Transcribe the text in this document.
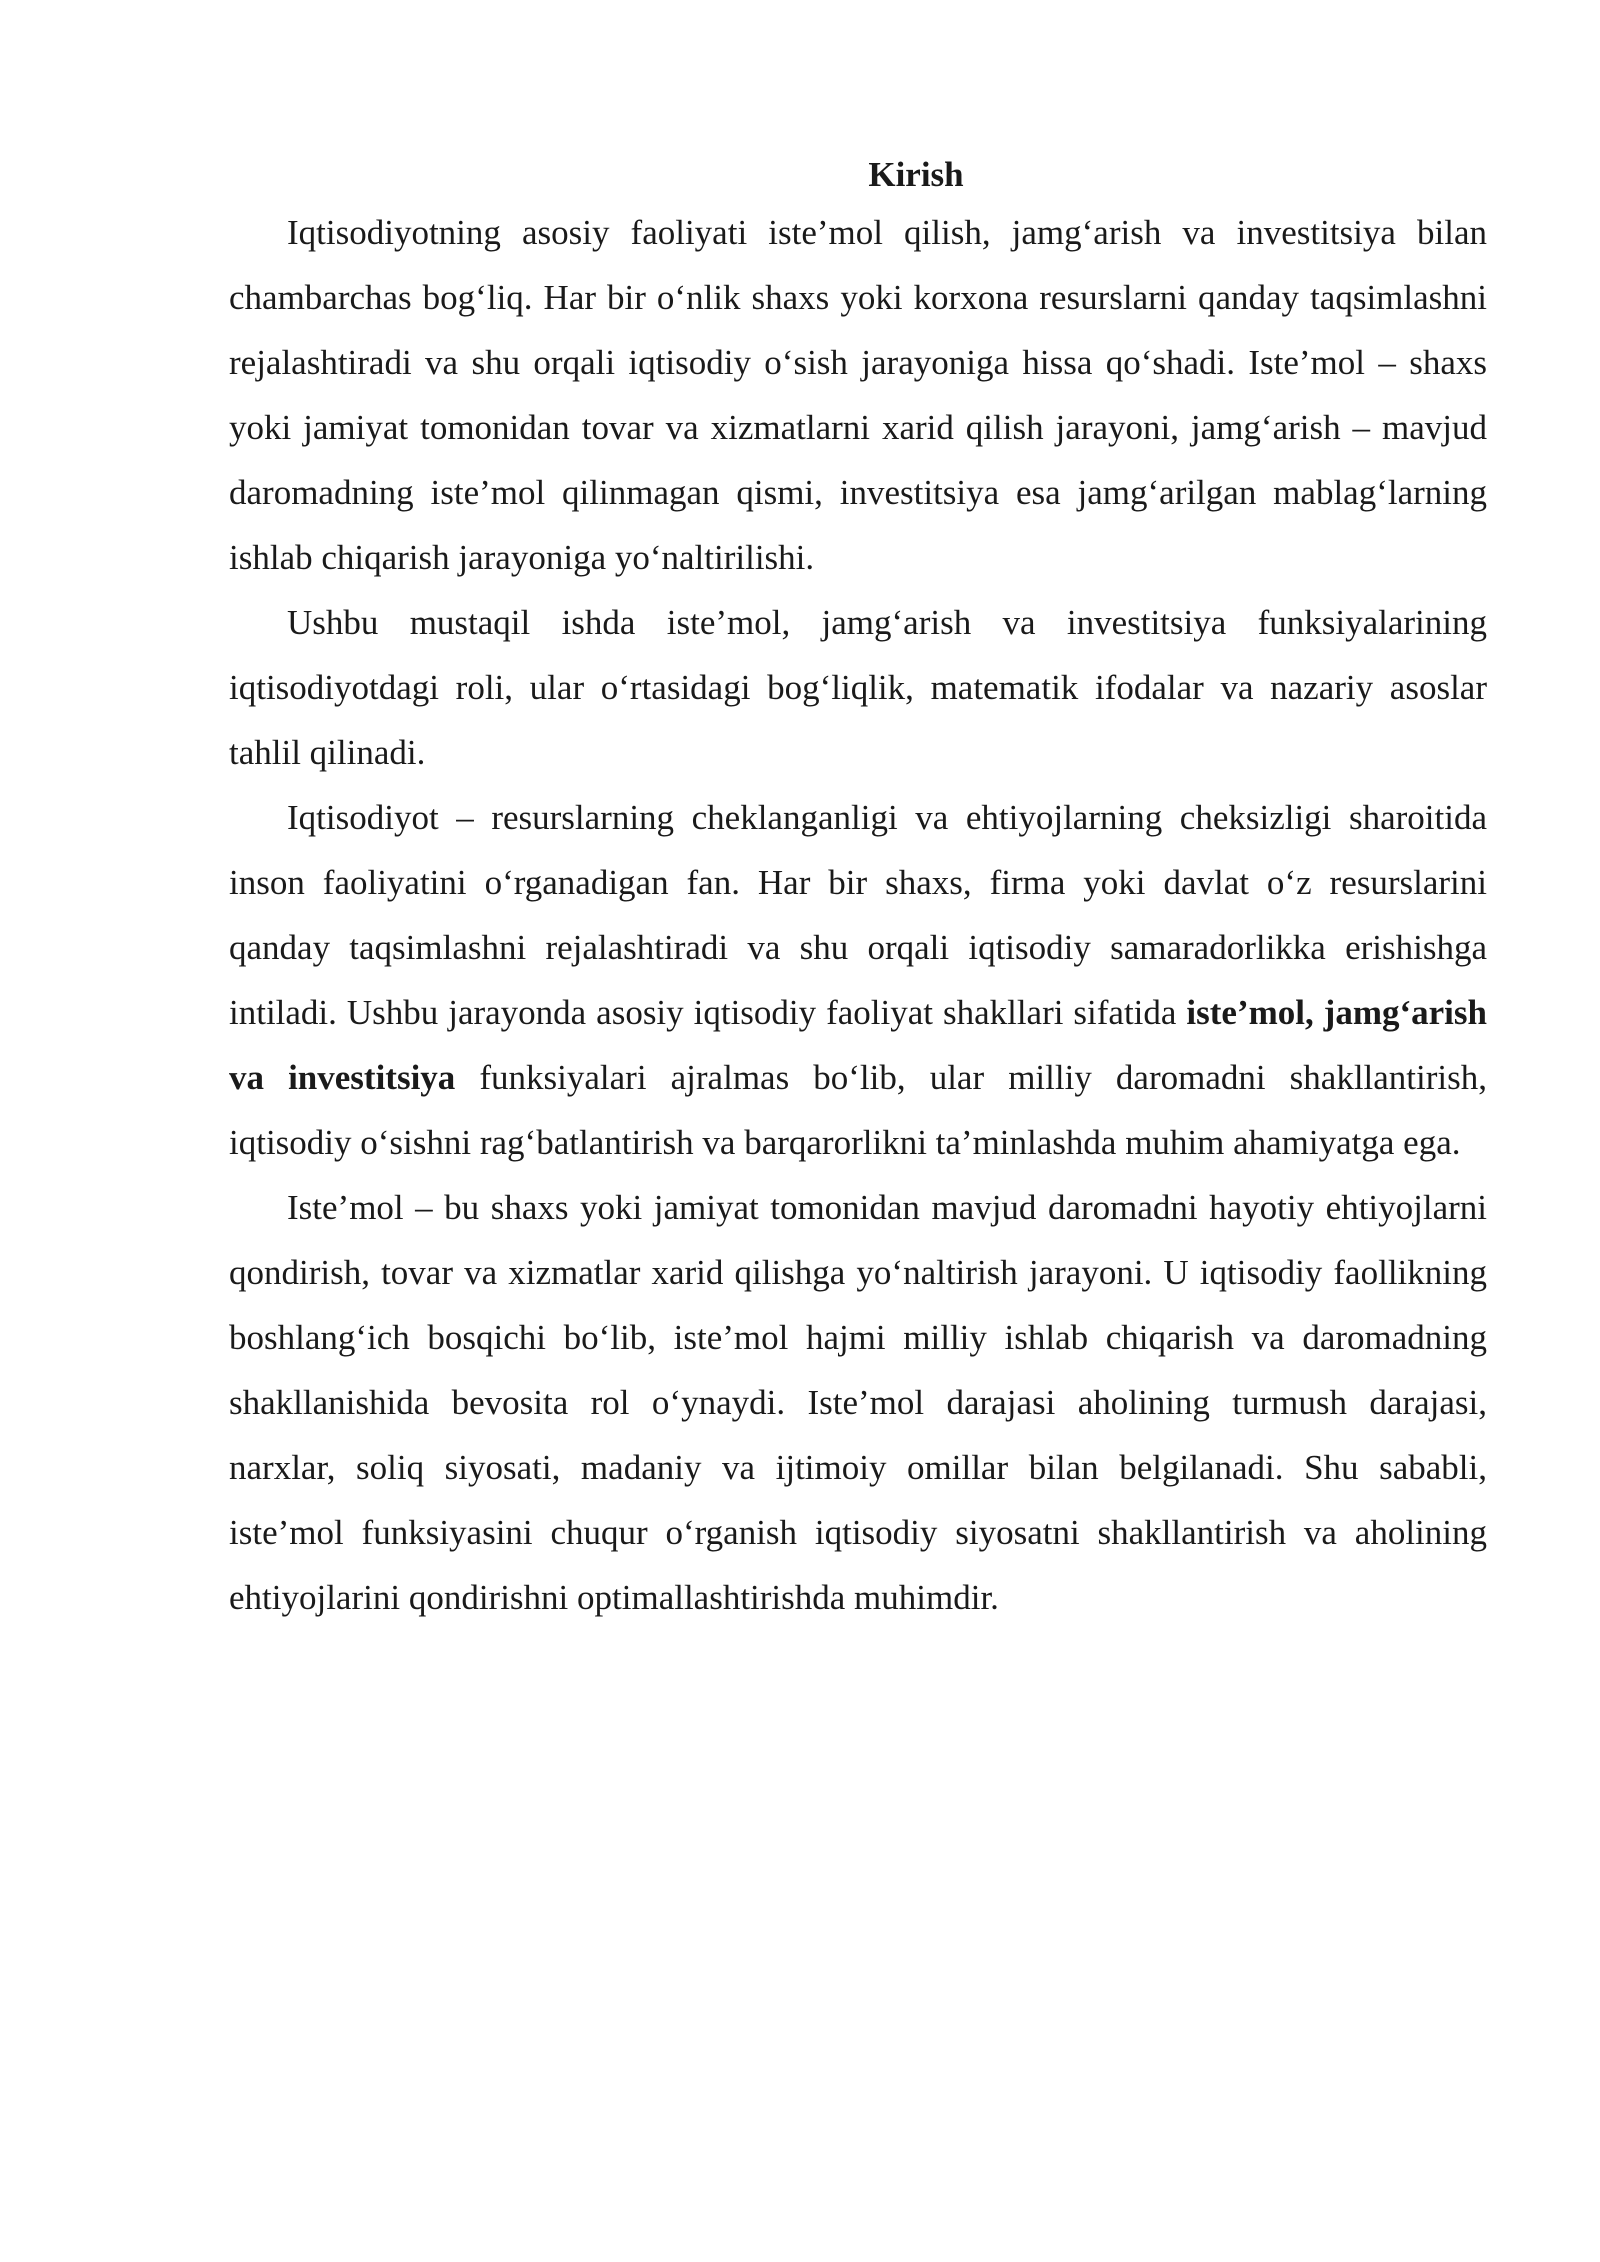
Kirish

Iqtisodiyotning asosiy faoliyati iste’mol qilish, jamg‘arish va investitsiya bilan chambarchas bog‘liq. Har bir o‘nlik shaxs yoki korxona resurslarni qanday taqsimlashni rejalashtiradi va shu orqali iqtisodiy o‘sish jarayoniga hissa qo‘shadi. Iste’mol – shaxs yoki jamiyat tomonidan tovar va xizmatlarni xarid qilish jarayoni, jamg‘arish – mavjud daromadning iste’mol qilinmagan qismi, investitsiya esa jamg‘arilgan mablag‘larning ishlab chiqarish jarayoniga yo‘naltirilishi.

Ushbu mustaqil ishda iste’mol, jamg‘arish va investitsiya funksiyalarining iqtisodiyotdagi roli, ular o‘rtasidagi bog‘liqlik, matematik ifodalar va nazariy asoslar tahlil qilinadi.

Iqtisodiyot – resurslarning cheklanganligi va ehtiyojlarning cheksizligi sharoitida inson faoliyatini o‘rganadigan fan. Har bir shaxs, firma yoki davlat o‘z resurslarini qanday taqsimlashni rejalashtiradi va shu orqali iqtisodiy samaradorlikka erishishga intiladi. Ushbu jarayonda asosiy iqtisodiy faoliyat shakllari sifatida iste’mol, jamg‘arish va investitsiya funksiyalari ajralmas bo‘lib, ular milliy daromadni shakllantirish, iqtisodiy o‘sishni rag‘batlantirish va barqarorlikni ta’minlashda muhim ahamiyatga ega.

Iste’mol – bu shaxs yoki jamiyat tomonidan mavjud daromadni hayotiy ehtiyojlarni qondirish, tovar va xizmatlar xarid qilishga yo‘naltirish jarayoni. U iqtisodiy faollikning boshlang‘ich bosqichi bo‘lib, iste’mol hajmi milliy ishlab chiqarish va daromadning shakllanishida bevosita rol o‘ynaydi. Iste’mol darajasi aholining turmush darajasi, narxlar, soliq siyosati, madaniy va ijtimoiy omillar bilan belgilanadi. Shu sababli, iste’mol funksiyasini chuqur o‘rganish iqtisodiy siyosatni shakllantirish va aholining ehtiyojlarini qondirishni optimallashtirishda muhimdir.
